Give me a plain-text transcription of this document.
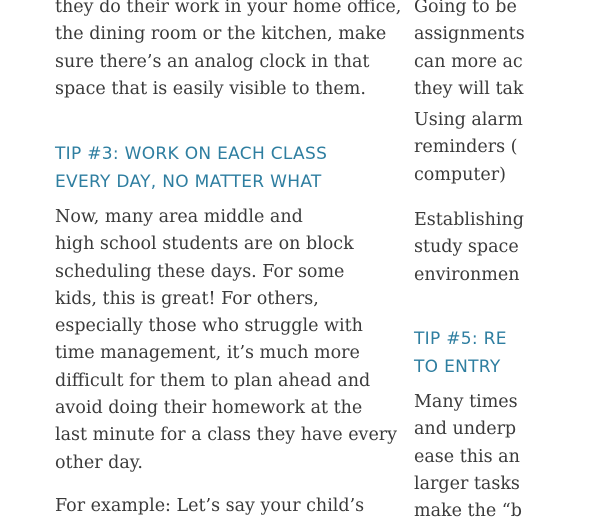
they do their work in your home office,
the dining room or the kitchen, make
sure there’s an analog clock in that
space that is easily visible to them.
TIP #3: WORK ON EACH CLASS
EVERY DAY, NO MATTER WHAT
Now, many area middle and
high school students are on block
scheduling these days. For some
kids, this is great! For others,
especially those who struggle with
time management, it’s much more
difficult for them to plan ahead and
avoid doing their homework at the
last minute for a class they have every
other day.
For example: Let’s say your child’s
Going to be
assignments
can more ac
they will tak
Using alarm
reminders (
computer)
Establishing
study space
environmen
TIP #5: RE
TO ENTRY
Many times
and underp
ease this an
larger tasks
make the “b
